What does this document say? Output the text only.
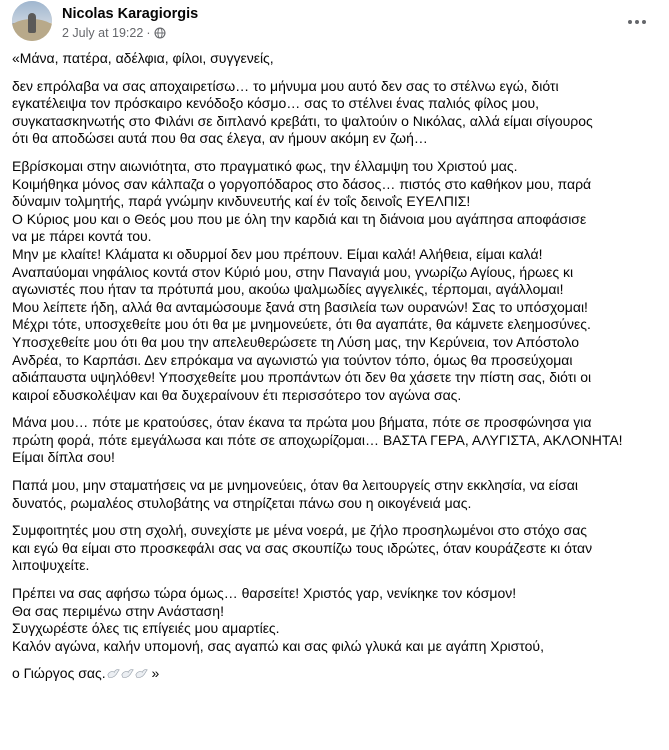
Nicolas Karagiorgis
2 July at 19:22 ·

«Μάνα, πατέρα, αδέλφια, φίλοι, συγγενείς,

δεν επρόλαβα να σας αποχαιρετίσω… το μήνυμα μου αυτό δεν σας το στέλνω εγώ, διότι
εγκατέλειψα τον πρόσκαιρο κενόδοξο κόσμο… σας το στέλνει ένας παλιός φίλος μου,
συγκατασκηνωτής στο Φιλάνι σε διπλανό κρεβάτι, το ψαλτούιν ο Νικόλας, αλλά είμαι σίγουρος
ότι θα αποδώσει αυτά που θα σας έλεγα, αν ήμουν ακόμη εν ζωή…

Εβρίσκομαι στην αιωνιότητα, στο πραγματικό φως, την έλλαμψη του Χριστού μας.
Κοιμήθηκα μόνος σαν κάλπαζα ο γοργοπόδαρος στο δάσος… πιστός στο καθήκον μου, παρά
δύναμιν τολμητής, παρά γνώμην κινδυνευτής καί έν τοΐς δεινοΐς ΕΥΕΛΠΙΣ!
Ο Κύριος μου και ο Θεός μου που με όλη την καρδιά και τη διάνοια μου αγάπησα αποφάσισε
να με πάρει κοντά του.
Μην με κλαίτε! Κλάματα κι οδυρμοί δεν μου πρέπουν. Είμαι καλά! Αλήθεια, είμαι καλά!
Αναπαύομαι νηφάλιος κοντά στον Κύριό μου, στην Παναγιά μου, γνωρίζω Αγίους, ήρωες κι
αγωνιστές που ήταν τα πρότυπά μου, ακούω ψαλμωδίες αγγελικές, τέρπομαι, αγάλλομαι!
Μου λείπετε ήδη, αλλά θα ανταμώσουμε ξανά στη βασιλεία των ουρανών! Σας το υπόσχομαι!
Μέχρι τότε, υποσχεθείτε μου ότι θα με μνημονεύετε, ότι θα αγαπάτε, θα κάμνετε ελεημοσύνες.
Υποσχεθείτε μου ότι θα μου την απελευθερώσετε τη Λύση μας, την Κερύνεια, τον Απόστολο
Ανδρέα, το Καρπάσι. Δεν επρόκαμα να αγωνιστώ για τούντον τόπο, όμως θα προσεύχομαι
αδιάπαυστα υψηλόθεν! Υποσχεθείτε μου προπάντων ότι δεν θα χάσετε την πίστη σας, διότι οι
καιροί εδυσκολέψαν και θα δυχεραίνουν έτι περισσότερο τον αγώνα σας.

Μάνα μου… πότε με κρατούσες, όταν έκανα τα πρώτα μου βήματα, πότε σε προσφώνησα για
πρώτη φορά, πότε εμεγάλωσα και πότε σε αποχωρίζομαι… ΒΑΣΤΑ ΓΕΡΑ, ΑΛΥΓΙΣΤΑ, ΑΚΛΟΝΗΤΑ!
Είμαι δίπλα σου!

Παπά μου, μην σταματήσεις να με μνημονεύεις, όταν θα λειτουργείς στην εκκλησία, να είσαι
δυνατός, ρωμαλέος στυλοβάτης να στηρίζεται πάνω σου η οικογένειά μας.

Συμφοιτητές μου στη σχολή, συνεχίστε με μένα νοερά, με ζήλο προσηλωμένοι στο στόχο σας
και εγώ θα είμαι στο προσκεφάλι σας να σας σκουπίζω τους ιδρώτες, όταν κουράζεστε κι όταν
λιποψυχείτε.

Πρέπει να σας αφήσω τώρα όμως… θαρσείτε! Χριστός γαρ, νενίκηκε τον κόσμον!
Θα σας περιμένω στην Ανάσταση!
Συγχωρέστε όλες τις επίγειές μου αμαρτίες.
Καλόν αγώνα, καλήν υπομονή, σας αγαπώ και σας φιλώ γλυκά και με αγάπη Χριστού,

ο Γιώργος σας.	»
